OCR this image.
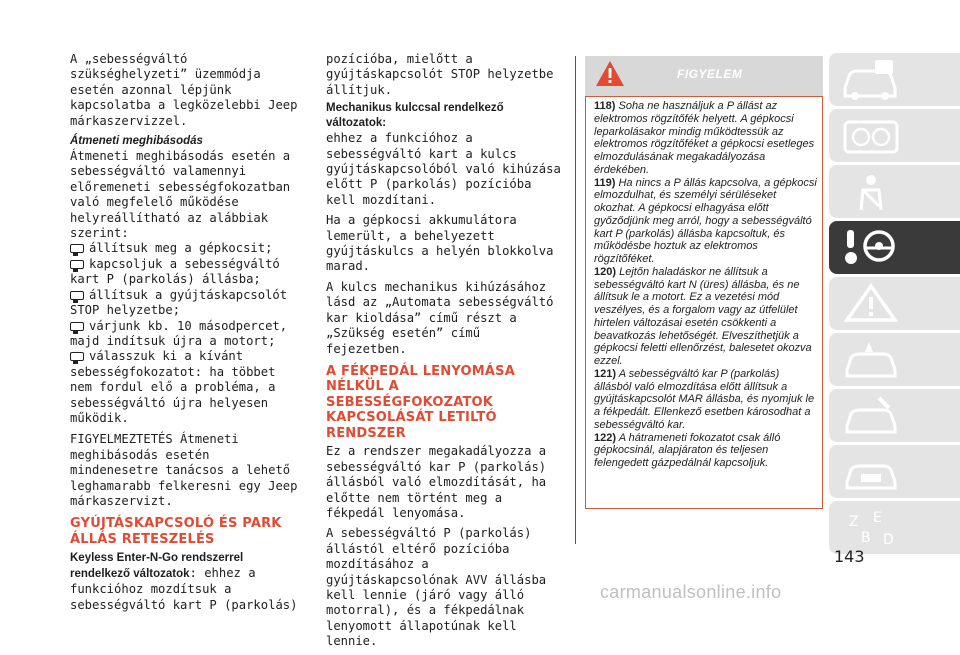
A „sebességváltó szükséghelyzeti” üzemmódja esetén azonnal lépjünk kapcsolatba a legközelebbi Jeep márkaszervizzel.

Átmeneti meghibásodás

Átmeneti meghibásodás esetén a sebességváltó valamennyi előremeneti sebességfokozatban való megfelelő működése helyreállítható az alábbiak szerint:

állítsuk meg a gépkocsit;
kapcsoljuk a sebességváltó kart P (parkolás) állásba;
állítsuk a gyújtáskapcsolót STOP helyzetbe;
várjunk kb. 10 másodpercet, majd indítsuk újra a motort;
válasszuk ki a kívánt sebességfokozatot: ha többet nem fordul elő a probléma, a sebességváltó újra helyesen működik.

FIGYELMEZTETÉS Átmeneti meghibásodás esetén mindenesetre tanácsos a lehető leghamarabb felkeresni egy Jeep márkaszervizt.

GYÚJTÁSKAPCSOLÓ ÉS PARK ÁLLÁS RETESZELÉS

Keyless Enter-N-Go rendszerrel rendelkező változatok: ehhez a funkcióhoz mozdítsuk a sebességváltó kart P (parkolás)

pozícióba, mielőtt a gyújtáskapcsolót STOP helyzetbe állítjuk.

Mechanikus kulccsal rendelkező változatok:

ehhez a funkcióhoz a sebességváltó kart a kulcs gyújtáskapcsolóból való kihúzása előtt P (parkolás) pozícióba kell mozdítani.

Ha a gépkocsi akkumulátora lemerült, a behelyezett gyújtáskulcs a helyén blokkolva marad.

A kulcs mechanikus kihúzásához lásd az „Automata sebességváltó kar kioldása” című részt a „Szükség esetén” című fejezetben.

A FÉKPEDÁL LENYOMÁSA NÉLKÜL A SEBESSÉGFOKOZATOK KAPCSOLÁSÁT LETILTÓ RENDSZER

Ez a rendszer megakadályozza a sebességváltó kar P (parkolás) állásból való elmozdítását, ha előtte nem történt meg a fékpedál lenyomása.

A sebességváltó P (parkolás) állástól eltérő pozícióba mozdításához a gyújtáskapcsolónak AVV állásba kell lennie (járó vagy álló motorral), és a fékpedálnak lenyomott állapotúnak kell lennie.

FIGYELEM
118) Soha ne használjuk a P állást az elektromos rögzítőfék helyett. A gépkocsi leparkolásakor mindig működtessük az elektromos rögzítőféket a gépkocsi esetleges elmozdulásának megakadályozása érdekében.
119) Ha nincs a P állás kapcsolva, a gépkocsi elmozdulhat, és személyi sérüléseket okozhat. A gépkocsi elhagyása előtt győződjünk meg arról, hogy a sebességváltó kart P (parkolás) állásba kapcsoltuk, és működésbe hoztuk az elektromos rögzítőféket.
120) Lejtőn haladáskor ne állítsuk a sebességváltó kart N (üres) állásba, és ne állítsuk le a motort. Ez a vezetési mód veszélyes, és a forgalom vagy az útfelület hirtelen változásai esetén csökkenti a beavatkozás lehetőségét. Elveszíthetjük a gépkocsi feletti ellenőrzést, balesetet okozva ezzel.
121) A sebességváltó kar P (parkolás) állásból való elmozdítása előtt állítsuk a gyújtáskapcsolót MAR állásba, és nyomjuk le a fékpedált. Ellenkező esetben károsodhat a sebességváltó kar.
122) A hátrameneti fokozatot csak álló gépkocsinál, alapjáraton és teljesen felengedett gázpedálnál kapcsoljuk.
Z E
B D
143
carmanualsonline.info
